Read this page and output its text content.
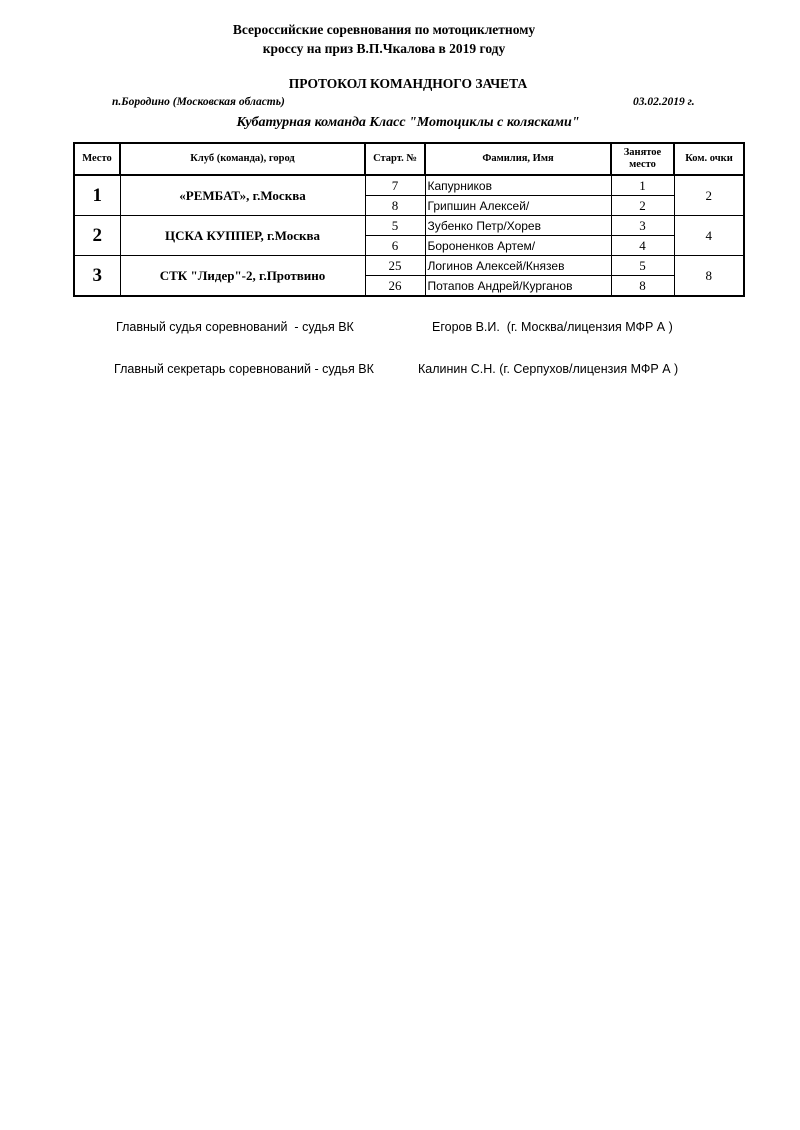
Всероссийские соревнования по мотоциклетному
кроссу на приз В.П.Чкалова в 2019 году
ПРОТОКОЛ КОМАНДНОГО ЗАЧЕТА
п.Бородино (Московская область)	03.02.2019 г.
Кубатурная команда Класс "Мотоциклы с колясками"
Место	Клуб (команда), город	Старт. №	Фамилия, Имя	Занятое
место	Ком. очки
1	«РЕМБАТ», г.Москва	7	Капурников	1	2
		8	Грипшин Алексей/	2	
2	ЦСКА КУППЕР, г.Москва	5	Зубенко Петр/Хорев	3	4
		6	Бороненков Артем/	4	
3	СТК "Лидер"-2, г.Протвино	25	Логинов Алексей/Князев	5	8
		26	Потапов Андрей/Курганов	8	
Главный судья соревнований  - судья ВК	Егоров В.И.  (г. Москва/лицензия МФР А )
Главный секретарь соревнований - судья ВК	Калинин С.Н. (г. Серпухов/лицензия МФР А )
